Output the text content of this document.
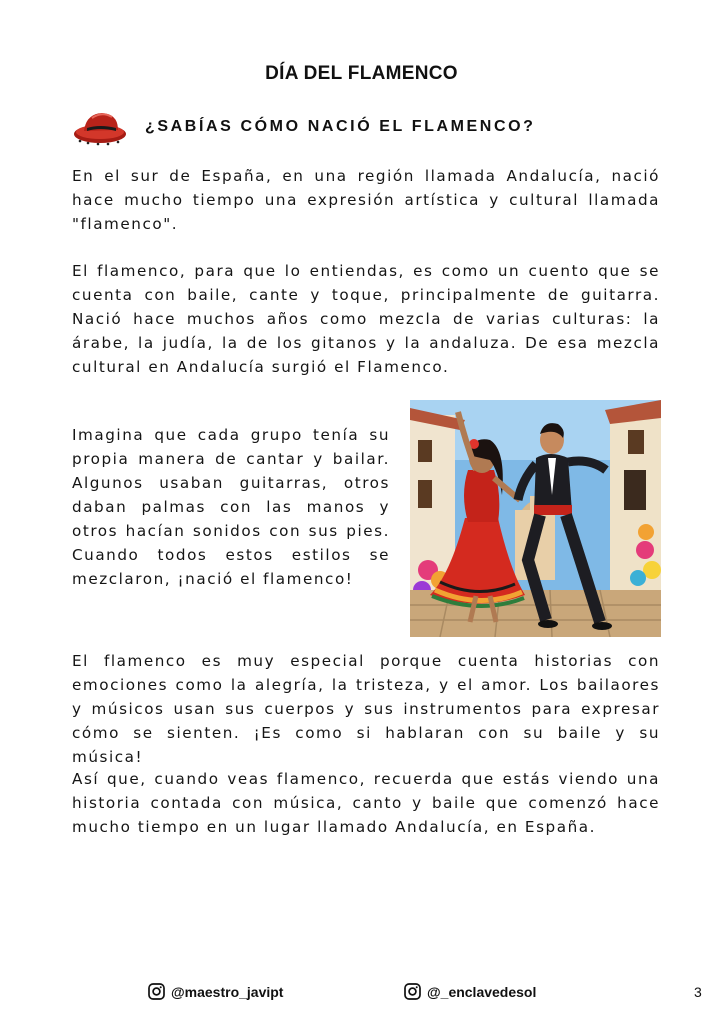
DÍA DEL FLAMENCO
¿SABÍAS CÓMO NACIÓ EL FLAMENCO?

En el sur de España, en una región llamada Andalucía, nació hace mucho tiempo una expresión artística y cultural llamada "flamenco".

El flamenco, para que lo entiendas, es como un cuento que se cuenta con baile, cante y toque, principalmente de guitarra. Nació hace muchos años como mezcla de varias culturas: la árabe, la judía, la de los gitanos y la andaluza. De esa mezcla cultural en Andalucía surgió el Flamenco.

Imagina que cada grupo tenía su propia manera de cantar y bailar. Algunos usaban guitarras, otros daban palmas con las manos y otros hacían sonidos con sus pies. Cuando todos estos estilos se mezclaron, ¡nació el flamenco!

El flamenco es muy especial porque cuenta historias con emociones como la alegría, la tristeza, y el amor. Los bailaores y músicos usan sus cuerpos y sus instrumentos para expresar cómo se sienten. ¡Es como si hablaran con su baile y su música!

Así que, cuando veas flamenco, recuerda que estás viendo una historia contada con música, canto y baile que comenzó hace mucho tiempo en un lugar llamado Andalucía, en España.

@maestro_javipt	@_enclavedesol	3
